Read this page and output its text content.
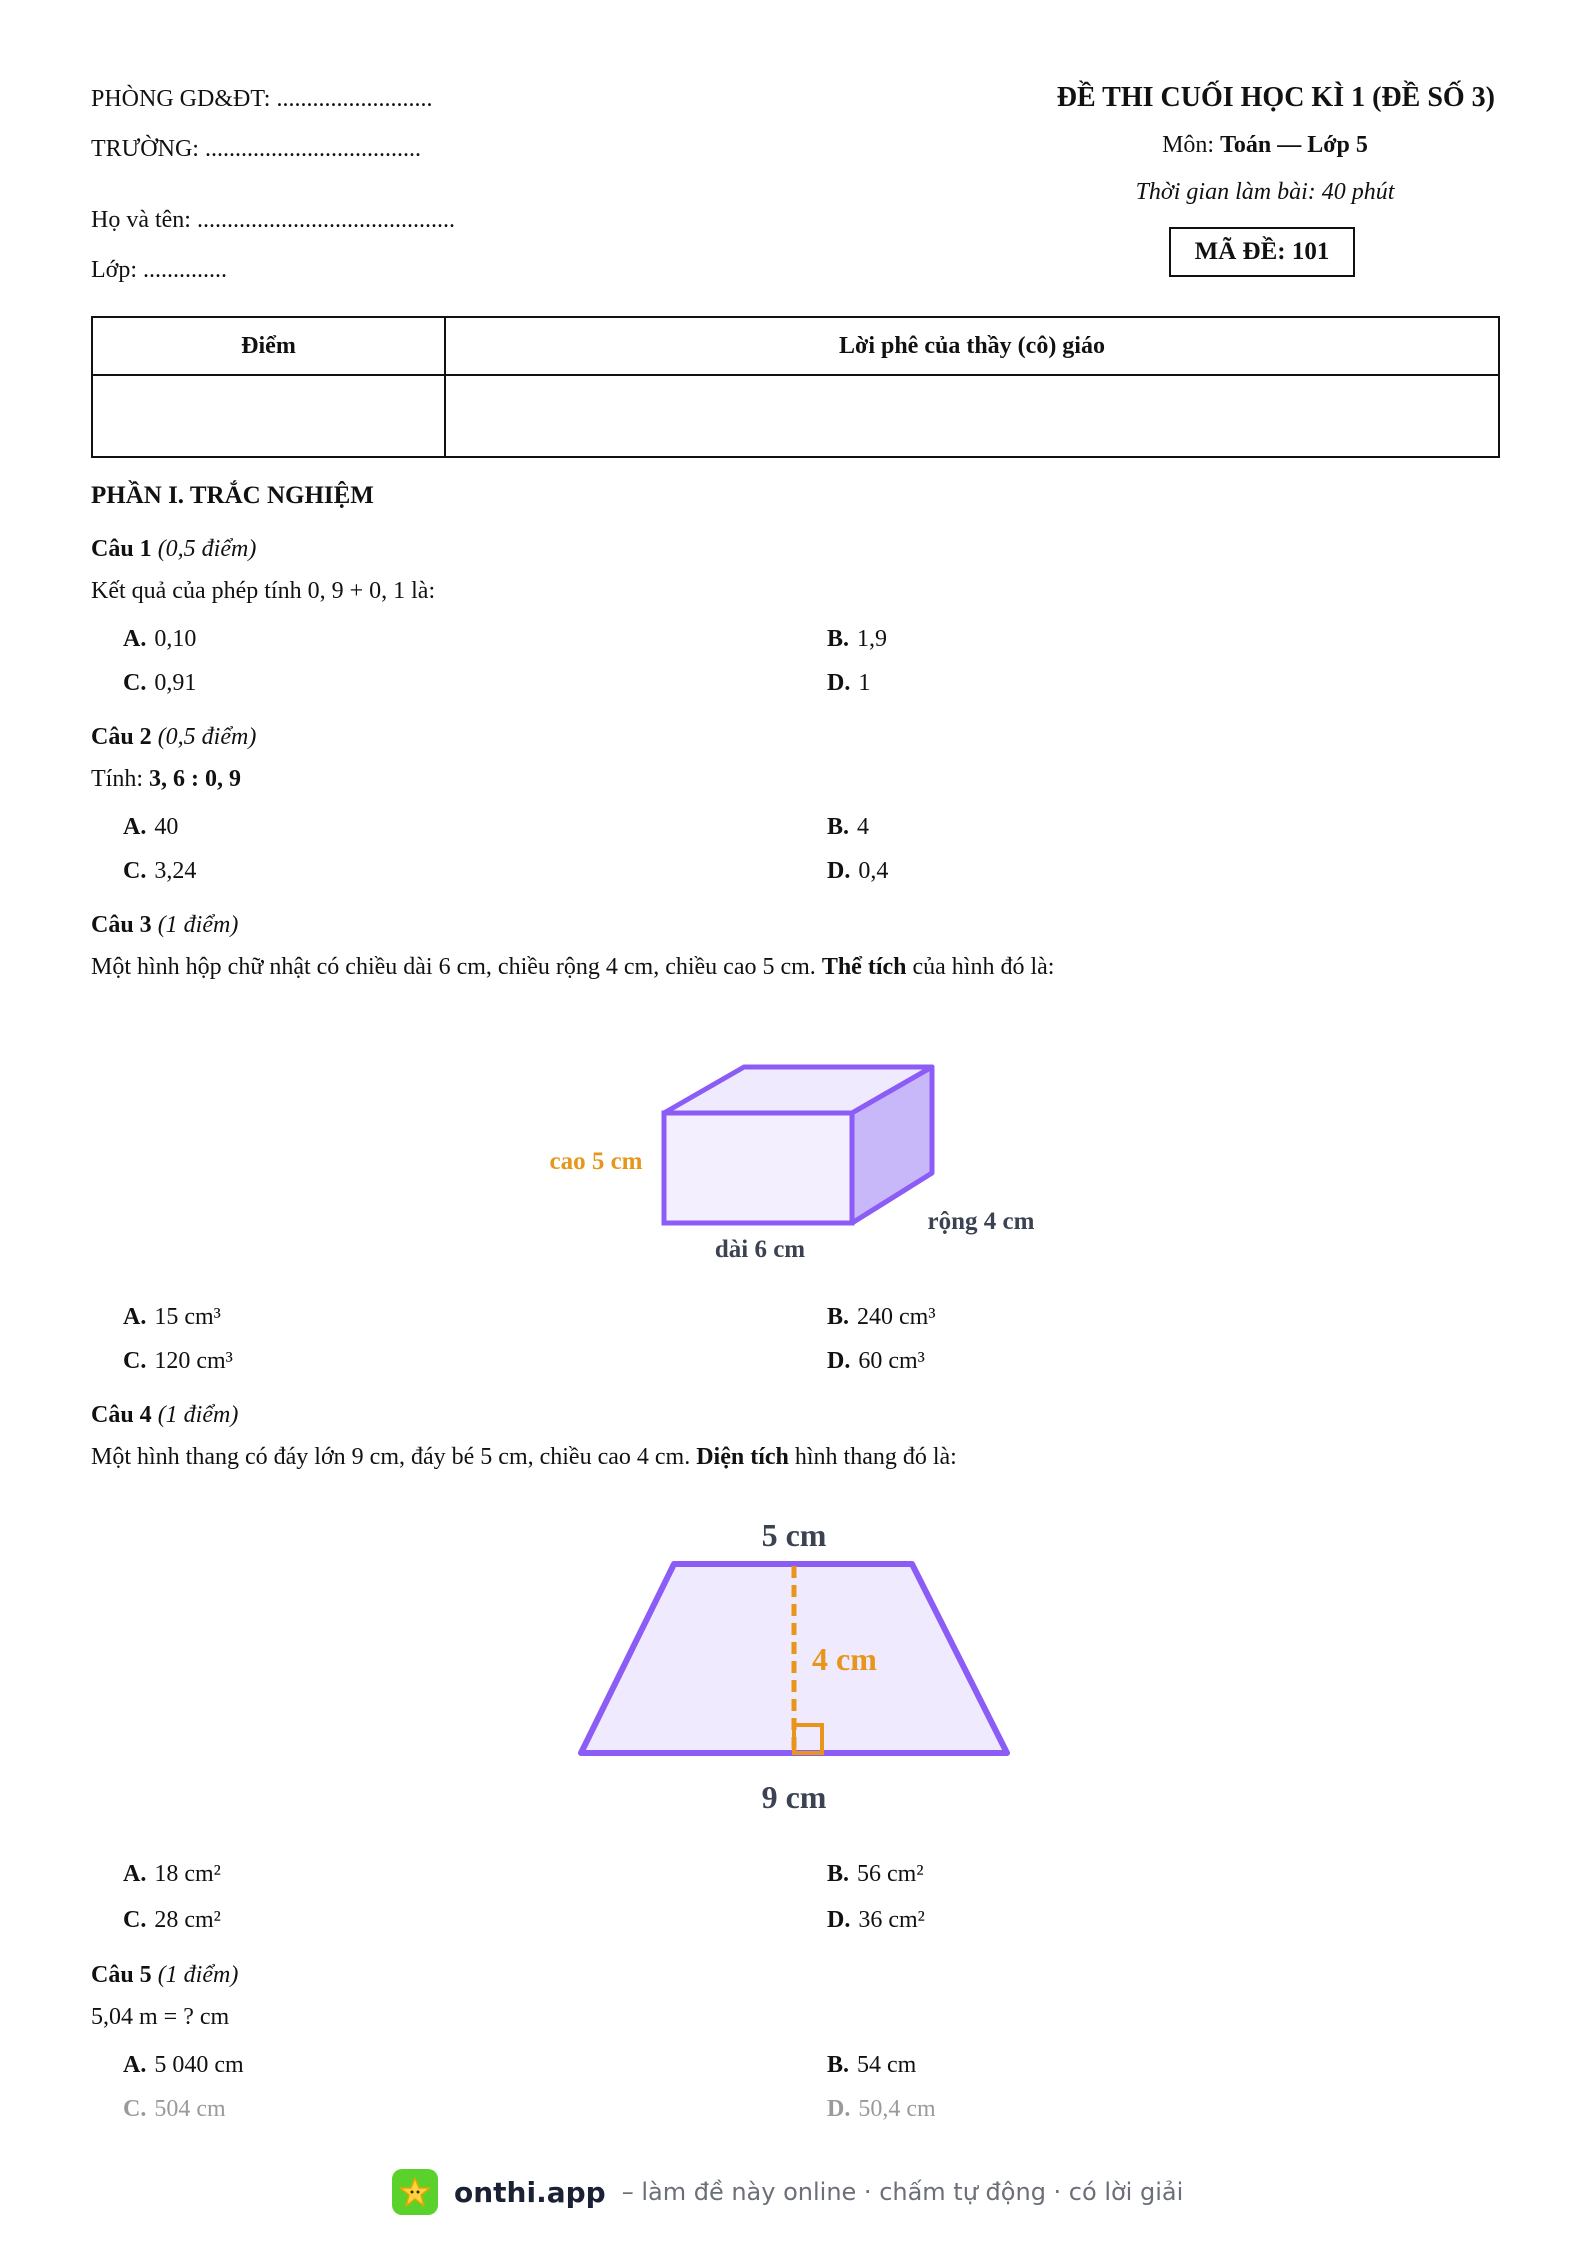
PHÒNG GD&ĐT: ..........................
TRƯỜNG: ....................................
Họ và tên: ...........................................
Lớp: ..............
ĐỀ THI CUỐI HỌC KÌ 1 (ĐỀ SỐ 3)
Môn: Toán — Lớp 5
Thời gian làm bài: 40 phút
MÃ ĐỀ: 101
Điểm	Lời phê của thầy (cô) giáo

PHẦN I. TRẮC NGHIỆM
Câu 1 (0,5 điểm)
Kết quả của phép tính 0, 9 + 0, 1 là:
A. 0,10	B. 1,9
C. 0,91	D. 1
Câu 2 (0,5 điểm)
Tính: 3, 6 : 0, 9
A. 40	B. 4
C. 3,24	D. 0,4
Câu 3 (1 điểm)
Một hình hộp chữ nhật có chiều dài 6 cm, chiều rộng 4 cm, chiều cao 5 cm. Thể tích của hình đó là:
cao 5 cm
dài 6 cm
rộng 4 cm
A. 15 cm³	B. 240 cm³
C. 120 cm³	D. 60 cm³
Câu 4 (1 điểm)
Một hình thang có đáy lớn 9 cm, đáy bé 5 cm, chiều cao 4 cm. Diện tích hình thang đó là:
5 cm
4 cm
9 cm
A. 18 cm²	B. 56 cm²
C. 28 cm²	D. 36 cm²
Câu 5 (1 điểm)
5,04 m = ? cm
A. 5 040 cm	B. 54 cm
C. 504 cm	D. 50,4 cm
onthi.app – làm đề này online · chấm tự động · có lời giải
